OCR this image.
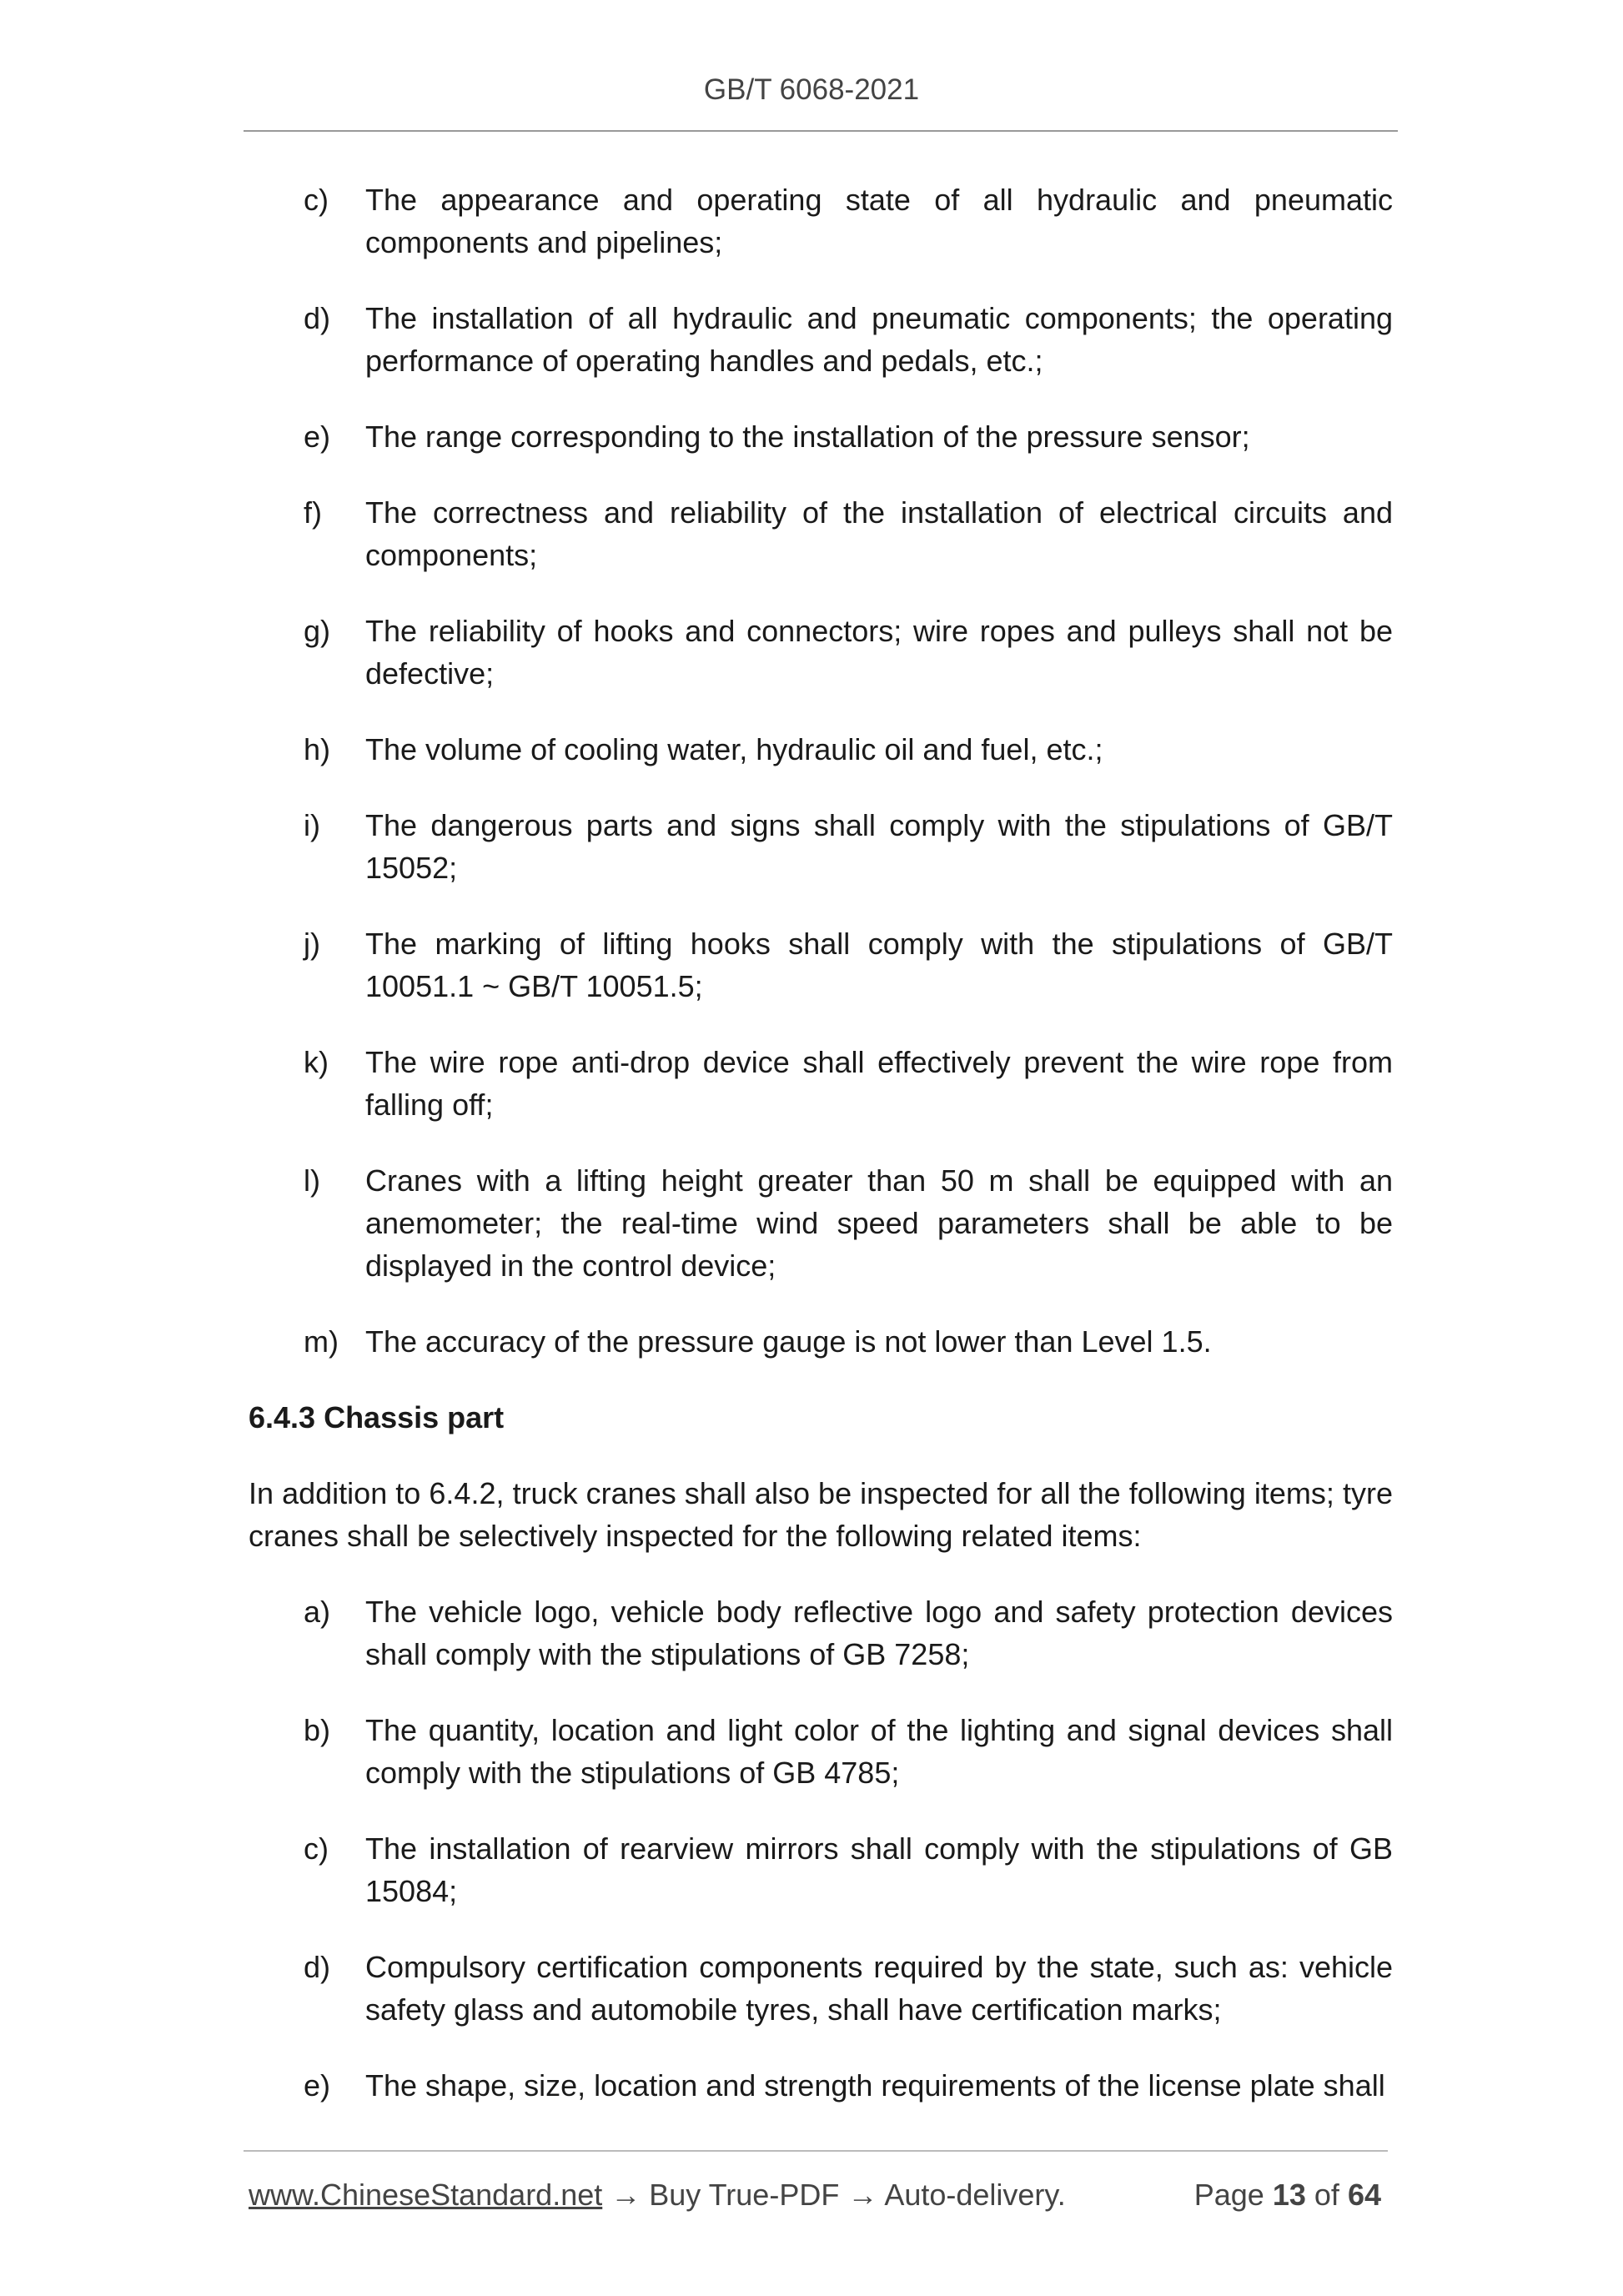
GB/T 6068-2021
c) The appearance and operating state of all hydraulic and pneumatic components and pipelines;
d) The installation of all hydraulic and pneumatic components; the operating performance of operating handles and pedals, etc.;
e) The range corresponding to the installation of the pressure sensor;
f) The correctness and reliability of the installation of electrical circuits and components;
g) The reliability of hooks and connectors; wire ropes and pulleys shall not be defective;
h) The volume of cooling water, hydraulic oil and fuel, etc.;
i) The dangerous parts and signs shall comply with the stipulations of GB/T 15052;
j) The marking of lifting hooks shall comply with the stipulations of GB/T 10051.1 ~ GB/T 10051.5;
k) The wire rope anti-drop device shall effectively prevent the wire rope from falling off;
l) Cranes with a lifting height greater than 50 m shall be equipped with an anemometer; the real-time wind speed parameters shall be able to be displayed in the control device;
m) The accuracy of the pressure gauge is not lower than Level 1.5.
6.4.3 Chassis part
In addition to 6.4.2, truck cranes shall also be inspected for all the following items; tyre cranes shall be selectively inspected for the following related items:
a) The vehicle logo, vehicle body reflective logo and safety protection devices shall comply with the stipulations of GB 7258;
b) The quantity, location and light color of the lighting and signal devices shall comply with the stipulations of GB 4785;
c) The installation of rearview mirrors shall comply with the stipulations of GB 15084;
d) Compulsory certification components required by the state, such as: vehicle safety glass and automobile tyres, shall have certification marks;
e) The shape, size, location and strength requirements of the license plate shall
www.ChineseStandard.net → Buy True-PDF → Auto-delivery.	Page 13 of 64
